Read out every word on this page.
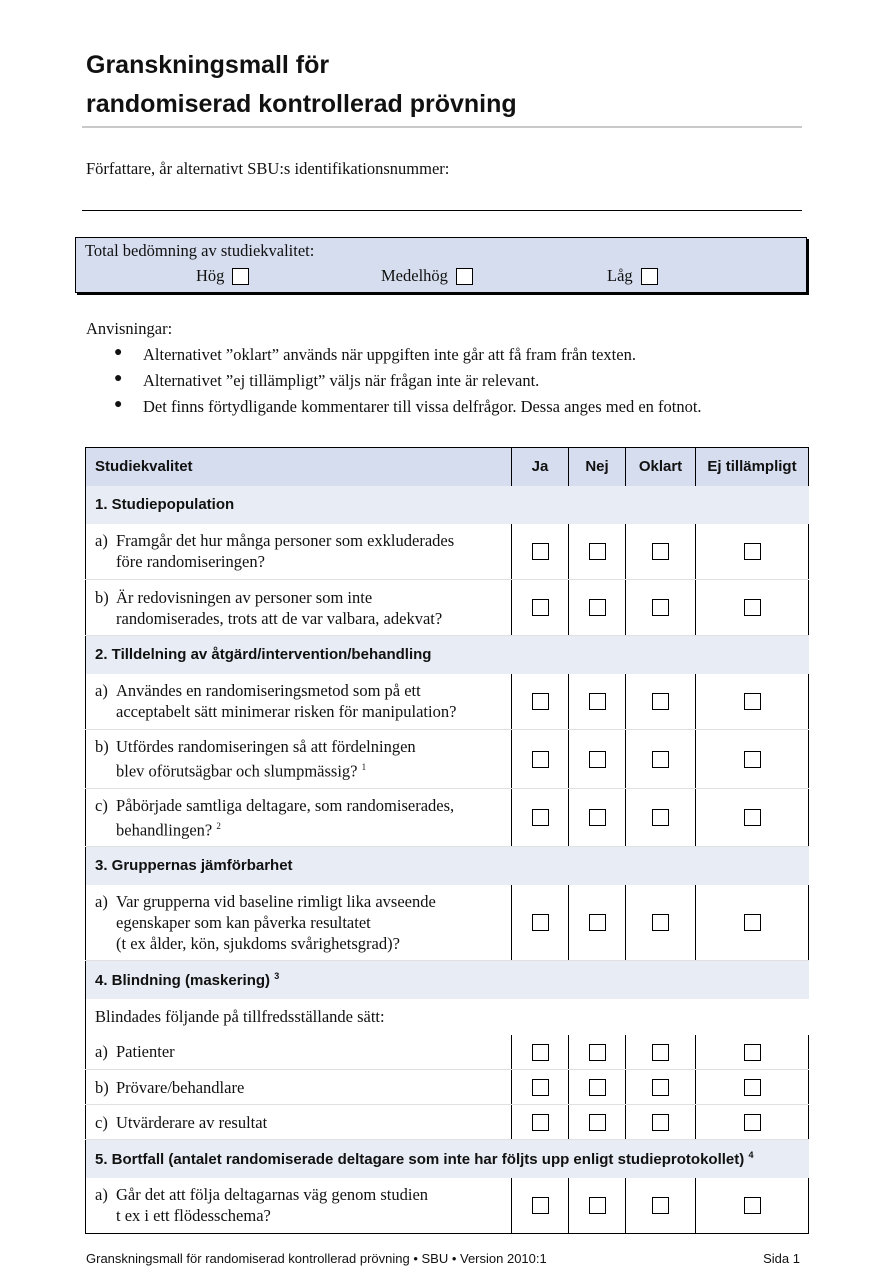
Granskningsmall för
randomiserad kontrollerad prövning
Författare, år alternativt SBU:s identifikationsnummer:
Total bedömning av studiekvalitet:
Hög	Medelhög	Låg
Anvisningar:
● Alternativet ”oklart” används när uppgiften inte går att få fram från texten.
● Alternativet ”ej tillämpligt” väljs när frågan inte är relevant.
● Det finns förtydligande kommentarer till vissa delfrågor. Dessa anges med en fotnot.
Studiekvalitet	Ja	Nej	Oklart	Ej tillämpligt
1. Studiepopulation				

a) Framgår det hur många personer som exkluderades
före randomiseringen?				

b) Är redovisningen av personer som inte
randomiserades, trots att de var valbara, adekvat?				

2. Tilldelning av åtgärd/intervention/behandling				

a) Användes en randomiseringsmetod som på ett
acceptabelt sätt minimerar risken för manipulation?				

b) Utfördes randomiseringen så att fördelningen
blev oförutsägbar och slumpmässig? $^1$

c) Påbörjade samtliga deltagare, som randomiserades,
behandlingen? $^2$

3. Gruppernas jämförbarhet				

a) Var grupperna vid baseline rimligt lika avseende
egenskaper som kan påverka resultatet
(t ex ålder, kön, sjukdoms svårighetsgrad)?				

4. Blindning (maskering) $^3$
Blindades följande på tillfredsställande sätt:				

a) Patienter				

b) Prövare/behandlare				

c) Utvärderare av resultat				

5. Bortfall (antalet randomiserade deltagare som inte har följts upp enligt studieprotokollet) $^4$

a) Går det att följa deltagarnas väg genom studien
t ex i ett flödesschema?				

Granskningsmall för randomiserad kontrollerad prövning • SBU • Version 2010:1	Sida 1
